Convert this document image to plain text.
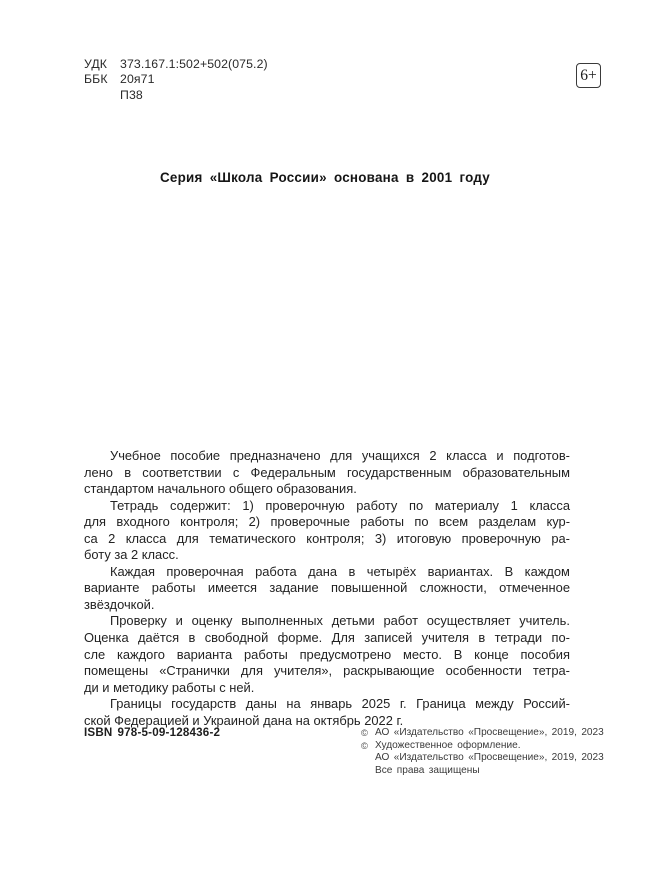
УДК 373.167.1:502+502(075.2)
ББК 20я71
П38
6+
Серия «Школа России» основана в 2001 году
Учебное пособие предназначено для учащихся 2 класса и подготов-
лено в соответствии с Федеральным государственным образовательным
стандартом начального общего образования.
Тетрадь содержит: 1) проверочную работу по материалу 1 класса
для входного контроля; 2) проверочные работы по всем разделам кур-
са 2 класса для тематического контроля; 3) итоговую проверочную ра-
боту за 2 класс.
Каждая проверочная работа дана в четырёх вариантах. В каждом
варианте работы имеется задание повышенной сложности, отмеченное
звёздочкой.
Проверку и оценку выполненных детьми работ осуществляет учитель.
Оценка даётся в свободной форме. Для записей учителя в тетради по-
сле каждого варианта работы предусмотрено место. В конце пособия
помещены «Странички для учителя», раскрывающие особенности тетра-
ди и методику работы с ней.
Границы государств даны на январь 2025 г. Граница между Россий-
ской Федерацией и Украиной дана на октябрь 2022 г.
ISBN 978-5-09-128436-2	© АО «Издательство «Просвещение», 2019, 2023
© Художественное оформление.
АО «Издательство «Просвещение», 2019, 2023
Все права защищены
